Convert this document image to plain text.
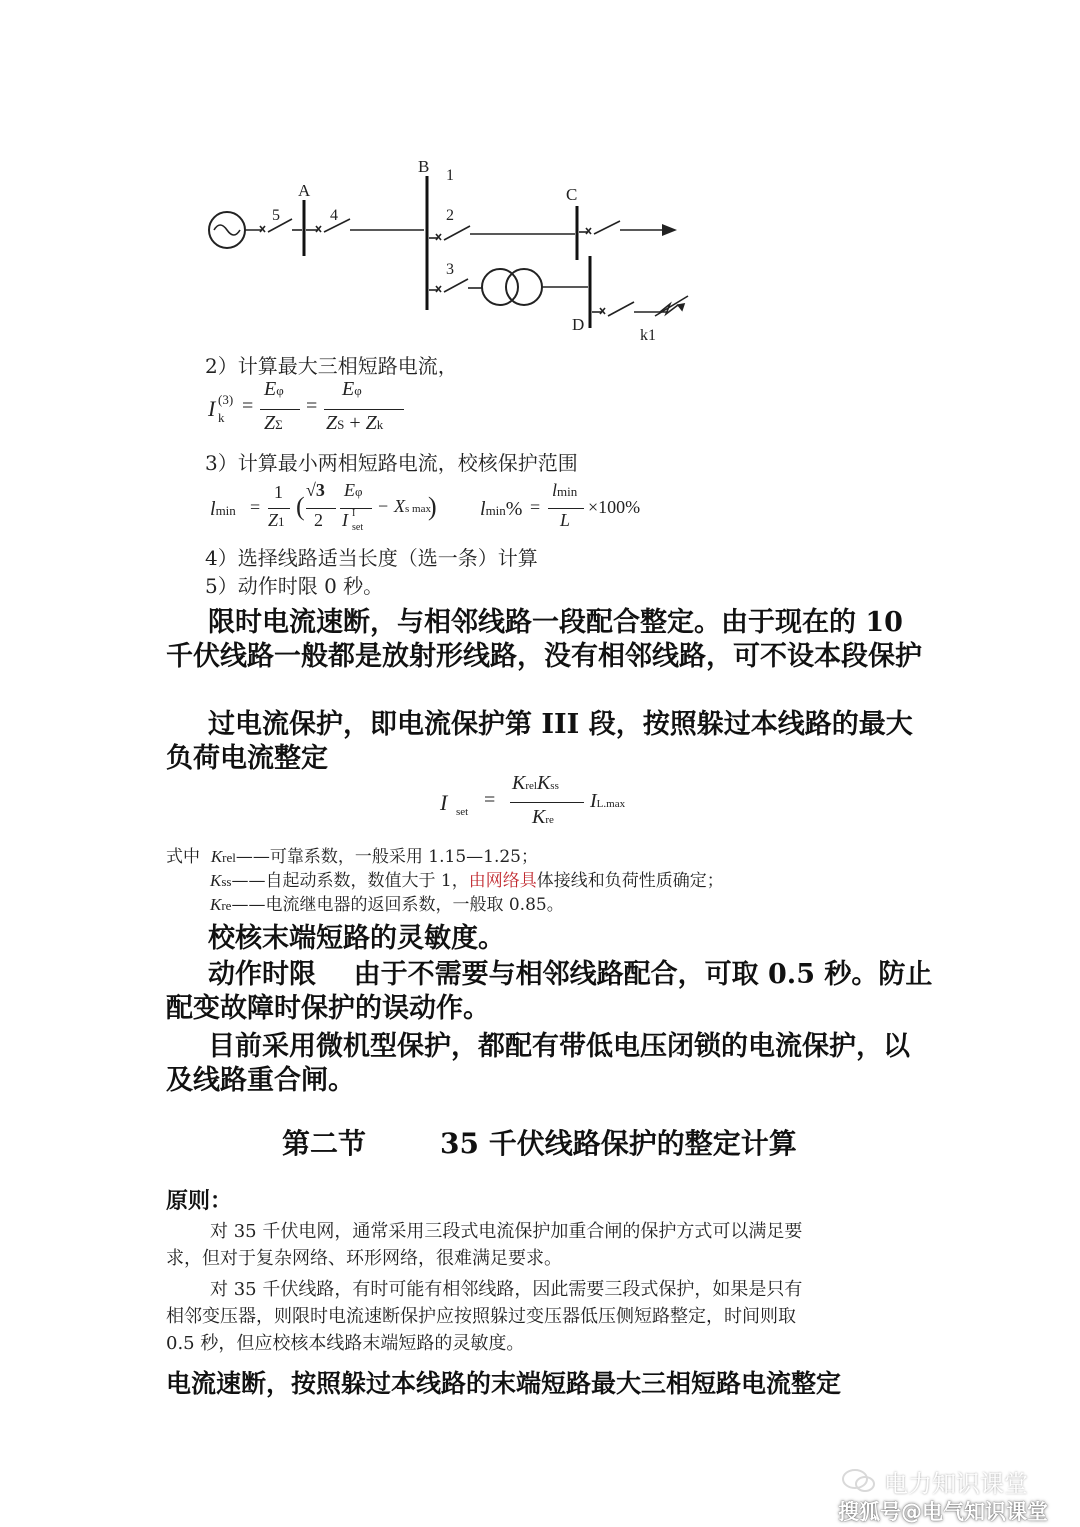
A
B
C
D
5	4
1
2
3
k1
2）计算最大三相短路电流，
I (3)
k
=
Eφ
ZΣ
=
Eφ
ZS + Zk
3）计算最小两相短路电流，校核保护范围
lmin =
1
Z1
(
√3
2
Eφ
I I
set
− Xs max
) lmin% =
lmin
L
×100%
4）选择线路适当长度（选一条）计算
5）动作时限 0 秒。
限时电流速断，与相邻线路一段配合整定。由于现在的 10
千伏线路一般都是放射形线路，没有相邻线路，可不设本段保护
过电流保护，即电流保护第 III 段，按照躲过本线路的最大
负荷电流整定
I set
=
KrelKss
Kre
IL.max
式中 Krel——可靠系数，一般采用 1.15—1.25；
Kss——自起动系数，数值大于 1，由网络具体接线和负荷性质确定；
Kre——电流继电器的返回系数，一般取 0.85。
校核末端短路的灵敏度。
动作时限 由于不需要与相邻线路配合，可取 0.5 秒。防止
配变故障时保护的误动作。
目前采用微机型保护，都配有带低电压闭锁的电流保护，以
及线路重合闸。
第二节	35 千伏线路保护的整定计算
原则：
对 35 千伏电网，通常采用三段式电流保护加重合闸的保护方式可以满足要
求，但对于复杂网络、环形网络，很难满足要求。
对 35 千伏线路，有时可能有相邻线路，因此需要三段式保护，如果是只有
相邻变压器，则限时电流速断保护应按照躲过变压器低压侧短路整定，时间则取
0.5 秒，但应校核本线路末端短路的灵敏度。
电流速断，按照躲过本线路的末端短路最大三相短路电流整定
电力知识课堂
搜狐号@电气知识课堂
